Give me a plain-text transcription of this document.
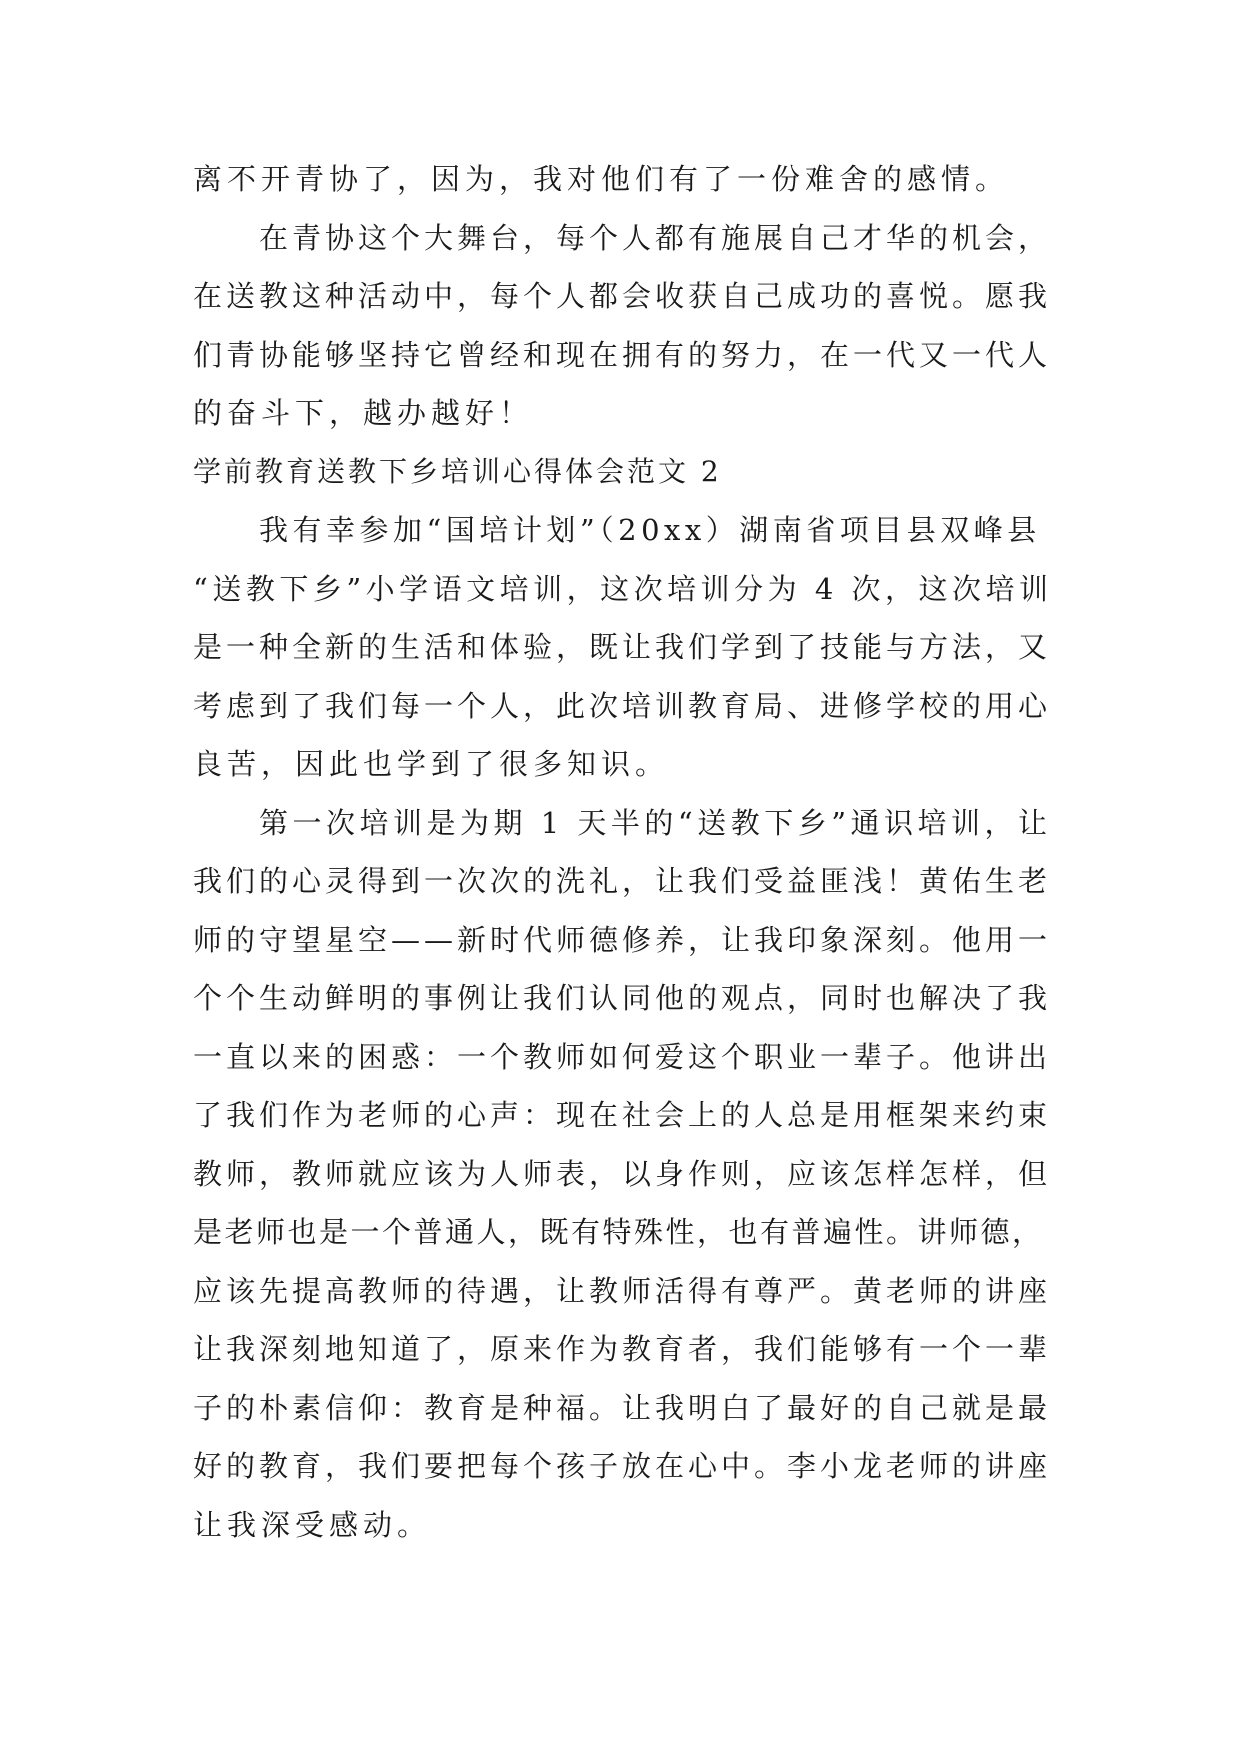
离不开青协了，因为，我对他们有了一份难舍的感情。
在青协这个大舞台，每个人都有施展自己才华的机会，
在送教这种活动中，每个人都会收获自己成功的喜悦。愿我
们青协能够坚持它曾经和现在拥有的努力，在一代又一代人
的奋斗下，越办越好！
学前教育送教下乡培训心得体会范文 2
我有幸参加“国培计划”（20xx）湖南省项目县双峰县
“送教下乡”小学语文培训，这次培训分为 4 次，这次培训
是一种全新的生活和体验，既让我们学到了技能与方法，又
考虑到了我们每一个人，此次培训教育局、进修学校的用心
良苦，因此也学到了很多知识。
第一次培训是为期 1 天半的“送教下乡”通识培训，让
我们的心灵得到一次次的洗礼，让我们受益匪浅！黄佑生老
师的守望星空——新时代师德修养，让我印象深刻。他用一
个个生动鲜明的事例让我们认同他的观点，同时也解决了我
一直以来的困惑：一个教师如何爱这个职业一辈子。他讲出
了我们作为老师的心声：现在社会上的人总是用框架来约束
教师，教师就应该为人师表，以身作则，应该怎样怎样，但
是老师也是一个普通人，既有特殊性，也有普遍性。讲师德，
应该先提高教师的待遇，让教师活得有尊严。黄老师的讲座
让我深刻地知道了，原来作为教育者，我们能够有一个一辈
子的朴素信仰：教育是种福。让我明白了最好的自己就是最
好的教育，我们要把每个孩子放在心中。李小龙老师的讲座
让我深受感动。
